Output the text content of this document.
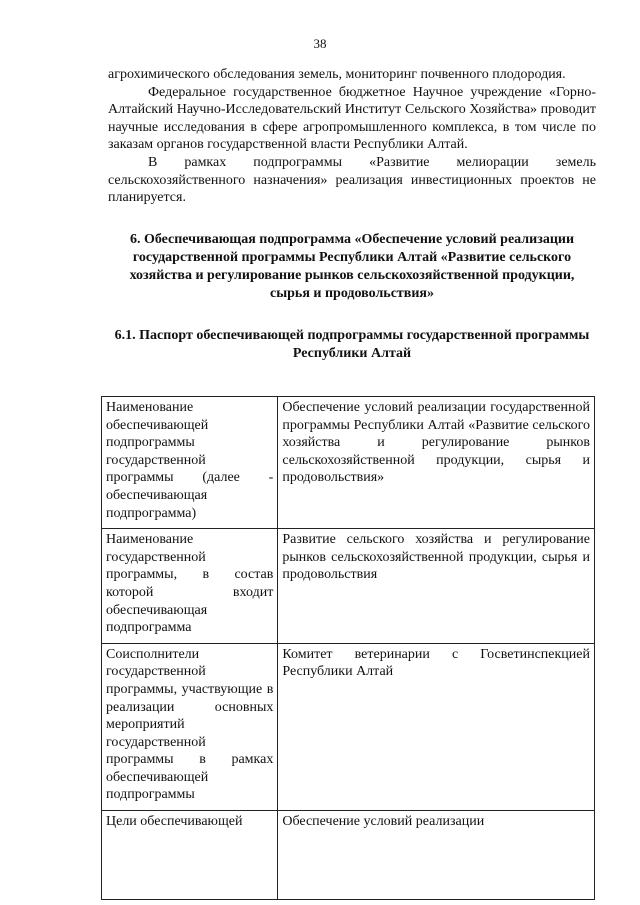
38

агрохимического обследования земель, мониторинг почвенного плодородия.

Федеральное государственное бюджетное Научное учреждение «Горно-Алтайский Научно-Исследовательский Институт Сельского Хозяйства» проводит научные исследования в сфере агропромышленного комплекса, в том числе по заказам органов государственной власти Республики Алтай.

В рамках подпрограммы «Развитие мелиорации земель сельскохозяйственного назначения» реализация инвестиционных проектов не планируется.

6. Обеспечивающая подпрограмма «Обеспечение условий реализации государственной программы Республики Алтай «Развитие сельского хозяйства и регулирование рынков сельскохозяйственной продукции, сырья и продовольствия»

6.1. Паспорт обеспечивающей подпрограммы государственной программы Республики Алтай

Наименование обеспечивающей подпрограммы государственной программы (далее - обеспечивающая подпрограмма)	Обеспечение условий реализации государственной программы Республики Алтай «Развитие сельского хозяйства и регулирование рынков сельскохозяйственной продукции, сырья и продовольствия»
Наименование государственной программы, в состав которой входит обеспечивающая подпрограмма	Развитие сельского хозяйства и регулирование рынков сельскохозяйственной продукции, сырья и продовольствия
Соисполнители государственной программы, участвующие в реализации основных мероприятий государственной программы в рамках обеспечивающей подпрограммы	Комитет ветеринарии с Госветинспекцией Республики Алтай
Цели обеспечивающей	Обеспечение условий реализации
